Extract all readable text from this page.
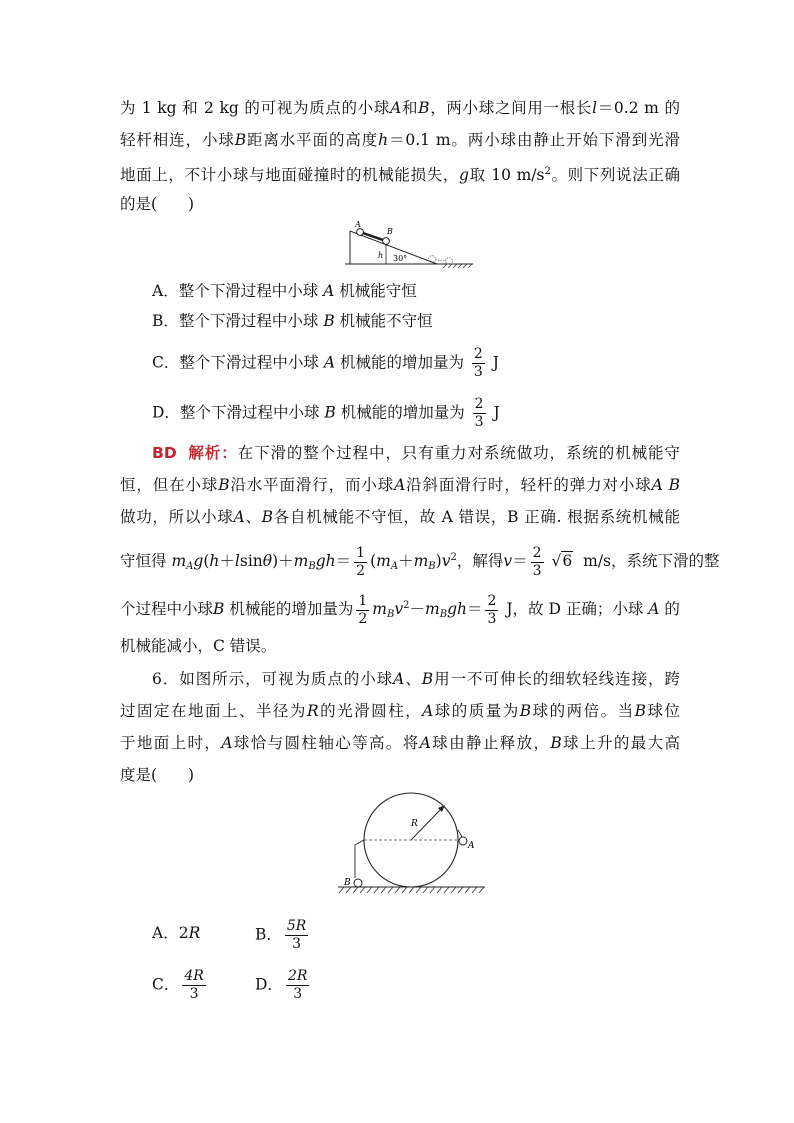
为 1 kg 和 2 kg 的可视为质点的小球A和B，两小球之间用一根长l＝0.2 m 的
轻杆相连，小球B距离水平面的高度h＝0.1 m。两小球由静止开始下滑到光滑
地面上，不计小球与地面碰撞时的机械能损失，g取 10 $m/s^2$。则下列说法正确
的是(　　)
A
B
h 30°
A．整个下滑过程中小球 A 机械能守恒
B．整个下滑过程中小球 B 机械能不守恒
C．整个下滑过程中小球 A 机械能的增加量为 $\frac{2}{3}$ J
D．整个下滑过程中小球 B 机械能的增加量为 $\frac{2}{3}$ J
BD 解析：在下滑的整个过程中，只有重力对系统做功，系统的机械能守
恒，但在小球B沿水平面滑行，而小球A沿斜面滑行时，轻杆的弹力对小球A B
做功，所以小球A、B各自机械能不守恒，故 A 错误，B 正确. 根据系统机械能
守恒得 $m_Ag(h+lsin\theta)+m_Bgh= \frac{1}{2} (m_A+m_B)v^2$，解得$v= \frac{2}{3} √6$ m/s，系统下滑的整
个过程中小球B 机械能的增加量为 $\frac{1}{2} m_Bv^2-m_Bgh= \frac{2}{3}$ J，故 D 正确；小球 A 的
机械能减小，C 错误。
6．如图所示，可视为质点的小球A、B用一不可伸长的细软轻线连接，跨
过固定在地面上、半径为R的光滑圆柱，A球的质量为B球的两倍。当B球位
于地面上时，A球恰与圆柱轴心等高。将A球由静止释放，B球上升的最大高
度是(　　)
R
A
B
A．2R	B． $\frac{5R}{3}$
C． $\frac{4R}{3}$	D． $\frac{2R}{3}$
